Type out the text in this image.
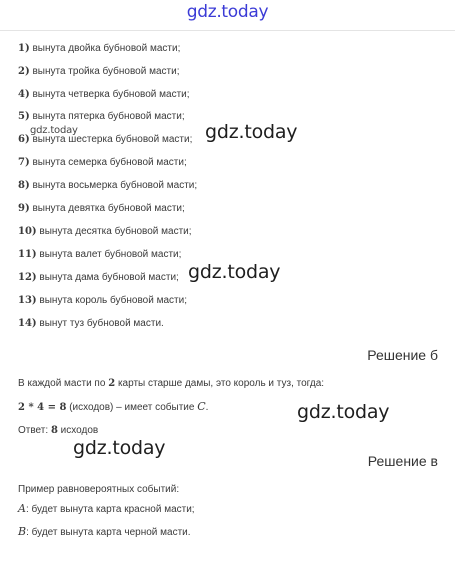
gdz.today
1) вынута двойка бубновой масти;
2) вынута тройка бубновой масти;
4) вынута четверка бубновой масти;
5) вынута пятерка бубновой масти;
6) вынута шестерка бубновой масти;
7) вынута семерка бубновой масти;
8) вынута восьмерка бубновой масти;
9) вынута девятка бубновой масти;
10) вынута десятка бубновой масти;
11) вынута валет бубновой масти;
12) вынута дама бубновой масти;
13) вынута король бубновой масти;
14) вынут туз бубновой масти.
Решение б
В каждой масти по 2 карты старше дамы, это король и туз, тогда:
2 * 4 = 8 (исходов) – имеет событие C.
Ответ: 8 исходов
Решение в
Пример равновероятных событий:
A: будет вынута карта красной масти;
B: будет вынута карта черной масти.
gdz.today	gdz.today
gdz.today
gdz.today
gdz.today
